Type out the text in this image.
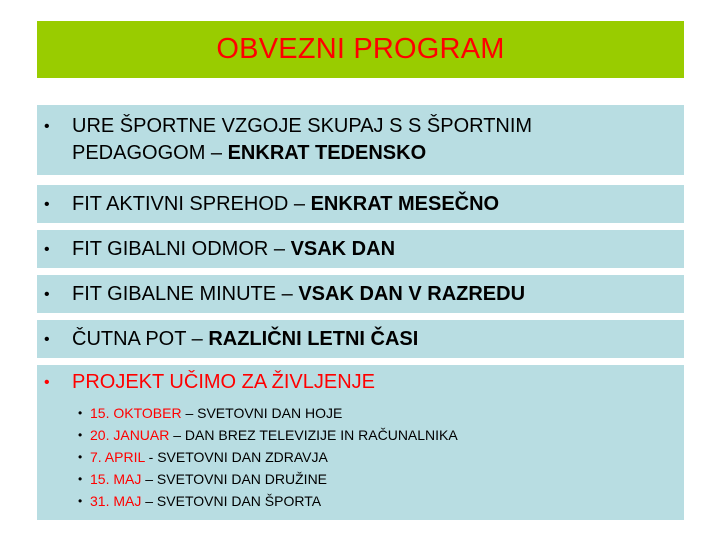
OBVEZNI PROGRAM
• URE ŠPORTNE VZGOJE SKUPAJ S S ŠPORTNIM
PEDAGOGOM – ENKRAT TEDENSKO
• FIT AKTIVNI SPREHOD – ENKRAT MESEČNO
• FIT GIBALNI ODMOR – VSAK DAN
• FIT GIBALNE MINUTE – VSAK DAN V RAZREDU
• ČUTNA POT – RAZLIČNI LETNI ČASI
• PROJEKT UČIMO ZA ŽIVLJENJE
• 15. OKTOBER – SVETOVNI DAN HOJE
• 20. JANUAR – DAN BREZ TELEVIZIJE IN RAČUNALNIKA
• 7. APRIL - SVETOVNI DAN ZDRAVJA
• 15. MAJ – SVETOVNI DAN DRUŽINE
• 31. MAJ – SVETOVNI DAN ŠPORTA
